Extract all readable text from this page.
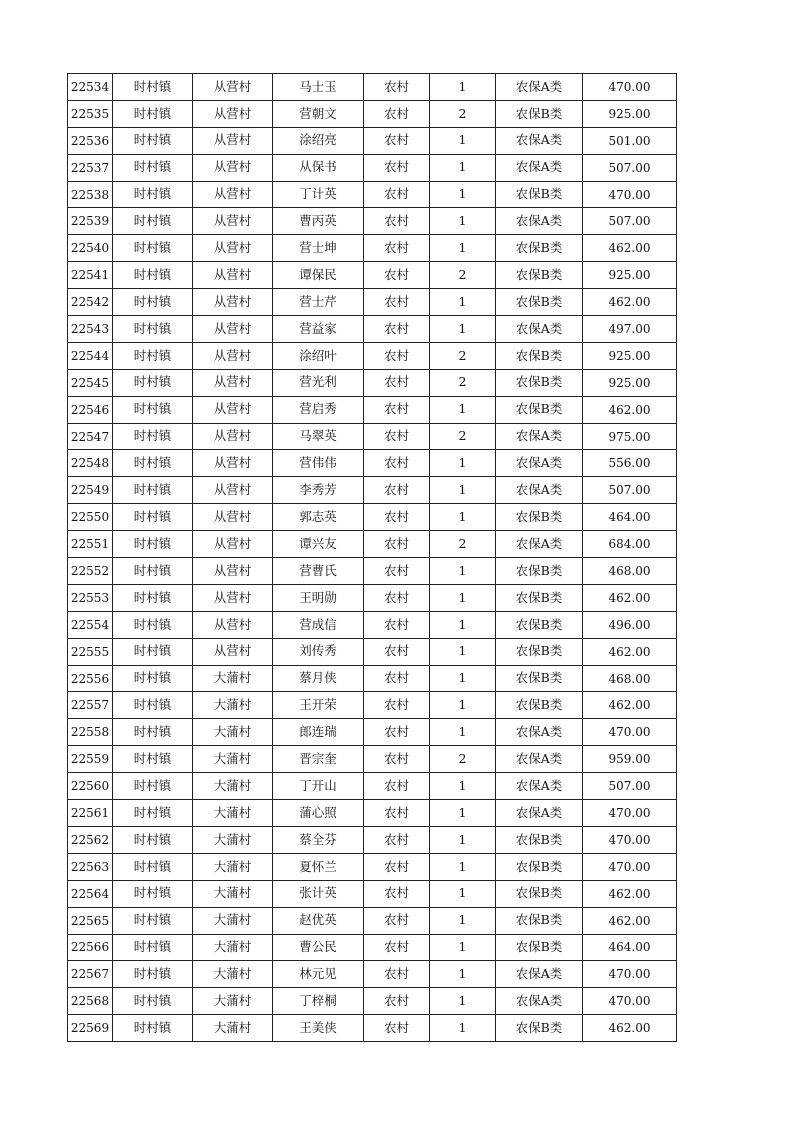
22534	时村镇	从营村	马士玉	农村	1	农保A类	470.00
22535	时村镇	从营村	营朝文	农村	2	农保B类	925.00
22536	时村镇	从营村	涂绍亮	农村	1	农保A类	501.00
22537	时村镇	从营村	从保书	农村	1	农保A类	507.00
22538	时村镇	从营村	丁计英	农村	1	农保B类	470.00
22539	时村镇	从营村	曹丙英	农村	1	农保A类	507.00
22540	时村镇	从营村	营士坤	农村	1	农保B类	462.00
22541	时村镇	从营村	谭保民	农村	2	农保B类	925.00
22542	时村镇	从营村	营士芹	农村	1	农保B类	462.00
22543	时村镇	从营村	营益家	农村	1	农保A类	497.00
22544	时村镇	从营村	涂绍叶	农村	2	农保B类	925.00
22545	时村镇	从营村	营光利	农村	2	农保B类	925.00
22546	时村镇	从营村	营启秀	农村	1	农保B类	462.00
22547	时村镇	从营村	马翠英	农村	2	农保A类	975.00
22548	时村镇	从营村	营伟伟	农村	1	农保A类	556.00
22549	时村镇	从营村	李秀芳	农村	1	农保A类	507.00
22550	时村镇	从营村	郭志英	农村	1	农保B类	464.00
22551	时村镇	从营村	谭兴友	农村	2	农保A类	684.00
22552	时村镇	从营村	营曹氏	农村	1	农保B类	468.00
22553	时村镇	从营村	王明勋	农村	1	农保B类	462.00
22554	时村镇	从营村	营成信	农村	1	农保B类	496.00
22555	时村镇	从营村	刘传秀	农村	1	农保B类	462.00
22556	时村镇	大蒲村	蔡月侠	农村	1	农保B类	468.00
22557	时村镇	大蒲村	王开荣	农村	1	农保B类	462.00
22558	时村镇	大蒲村	郎连瑞	农村	1	农保A类	470.00
22559	时村镇	大蒲村	晋宗奎	农村	2	农保A类	959.00
22560	时村镇	大蒲村	丁开山	农村	1	农保A类	507.00
22561	时村镇	大蒲村	蒲心照	农村	1	农保A类	470.00
22562	时村镇	大蒲村	蔡全芬	农村	1	农保B类	470.00
22563	时村镇	大蒲村	夏怀兰	农村	1	农保B类	470.00
22564	时村镇	大蒲村	张计英	农村	1	农保B类	462.00
22565	时村镇	大蒲村	赵优英	农村	1	农保B类	462.00
22566	时村镇	大蒲村	曹公民	农村	1	农保B类	464.00
22567	时村镇	大蒲村	林元见	农村	1	农保A类	470.00
22568	时村镇	大蒲村	丁梓桐	农村	1	农保A类	470.00
22569	时村镇	大蒲村	王美侠	农村	1	农保B类	462.00
